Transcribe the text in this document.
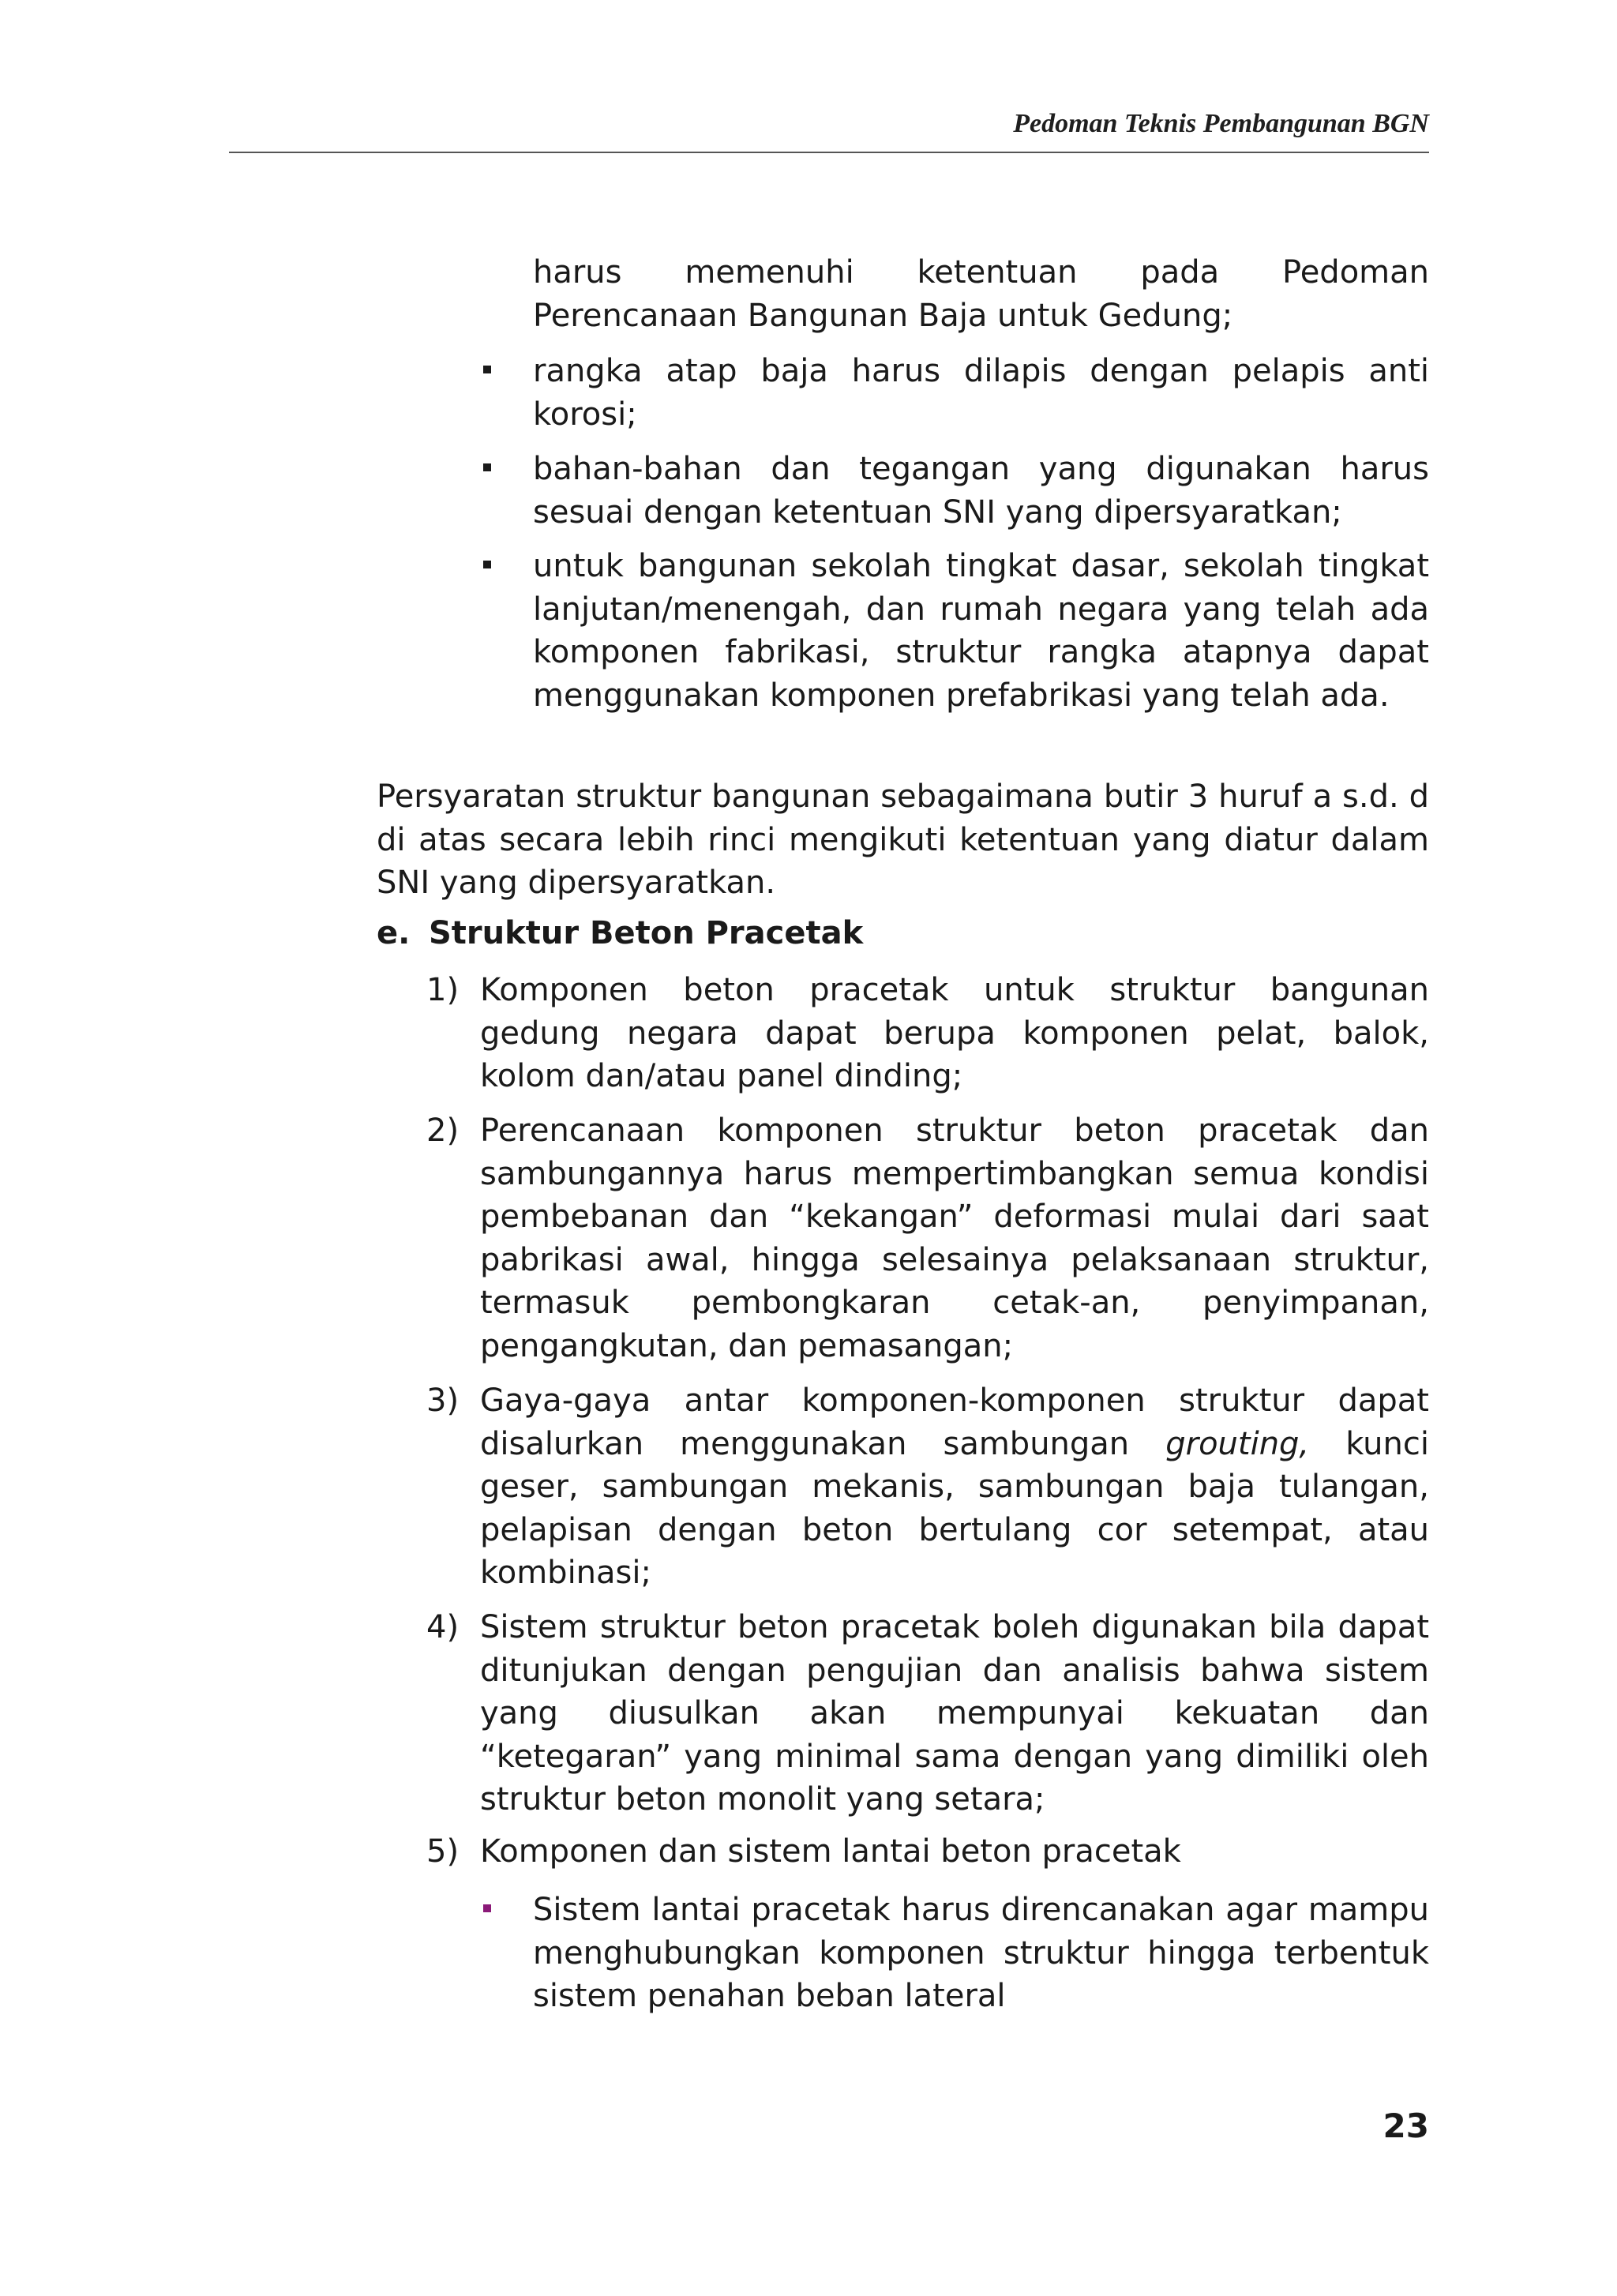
Pedoman Teknis Pembangunan BGN

harus memenuhi ketentuan pada Pedoman Perencanaan Bangunan Baja untuk Gedung;

rangka atap baja harus dilapis dengan pelapis anti korosi;

bahan-bahan dan tegangan yang digunakan harus sesuai dengan ketentuan SNI yang dipersyaratkan;

untuk bangunan sekolah tingkat dasar, sekolah tingkat lanjutan/menengah, dan rumah negara yang telah ada komponen fabrikasi, struktur rangka atapnya dapat menggunakan komponen prefabrikasi yang telah ada.

Persyaratan struktur bangunan sebagaimana butir 3 huruf a s.d. d di atas secara lebih rinci mengikuti ketentuan yang diatur dalam SNI yang dipersyaratkan.

e. Struktur Beton Pracetak

1) Komponen beton pracetak untuk struktur bangunan gedung negara dapat berupa komponen pelat, balok, kolom dan/atau panel dinding;

2) Perencanaan komponen struktur beton pracetak dan sambungannya harus mempertimbangkan semua kondisi pembebanan dan “kekangan” deformasi mulai dari saat pabrikasi awal, hingga selesainya pelaksanaan struktur, termasuk pembongkaran cetak-an, penyimpanan, pengangkutan, dan pemasangan;

3) Gaya-gaya antar komponen-komponen struktur dapat disalurkan menggunakan sambungan grouting, kunci geser, sambungan mekanis, sambungan baja tulangan, pelapisan dengan beton bertulang cor setempat, atau kombinasi;

4) Sistem struktur beton pracetak boleh digunakan bila dapat ditunjukan dengan pengujian dan analisis bahwa sistem yang diusulkan akan mempunyai kekuatan dan “ketegaran” yang minimal sama dengan yang dimiliki oleh struktur beton monolit yang setara;

5) Komponen dan sistem lantai beton pracetak

Sistem lantai pracetak harus direncanakan agar mampu menghubungkan komponen struktur hingga terbentuk sistem penahan beban lateral

23
